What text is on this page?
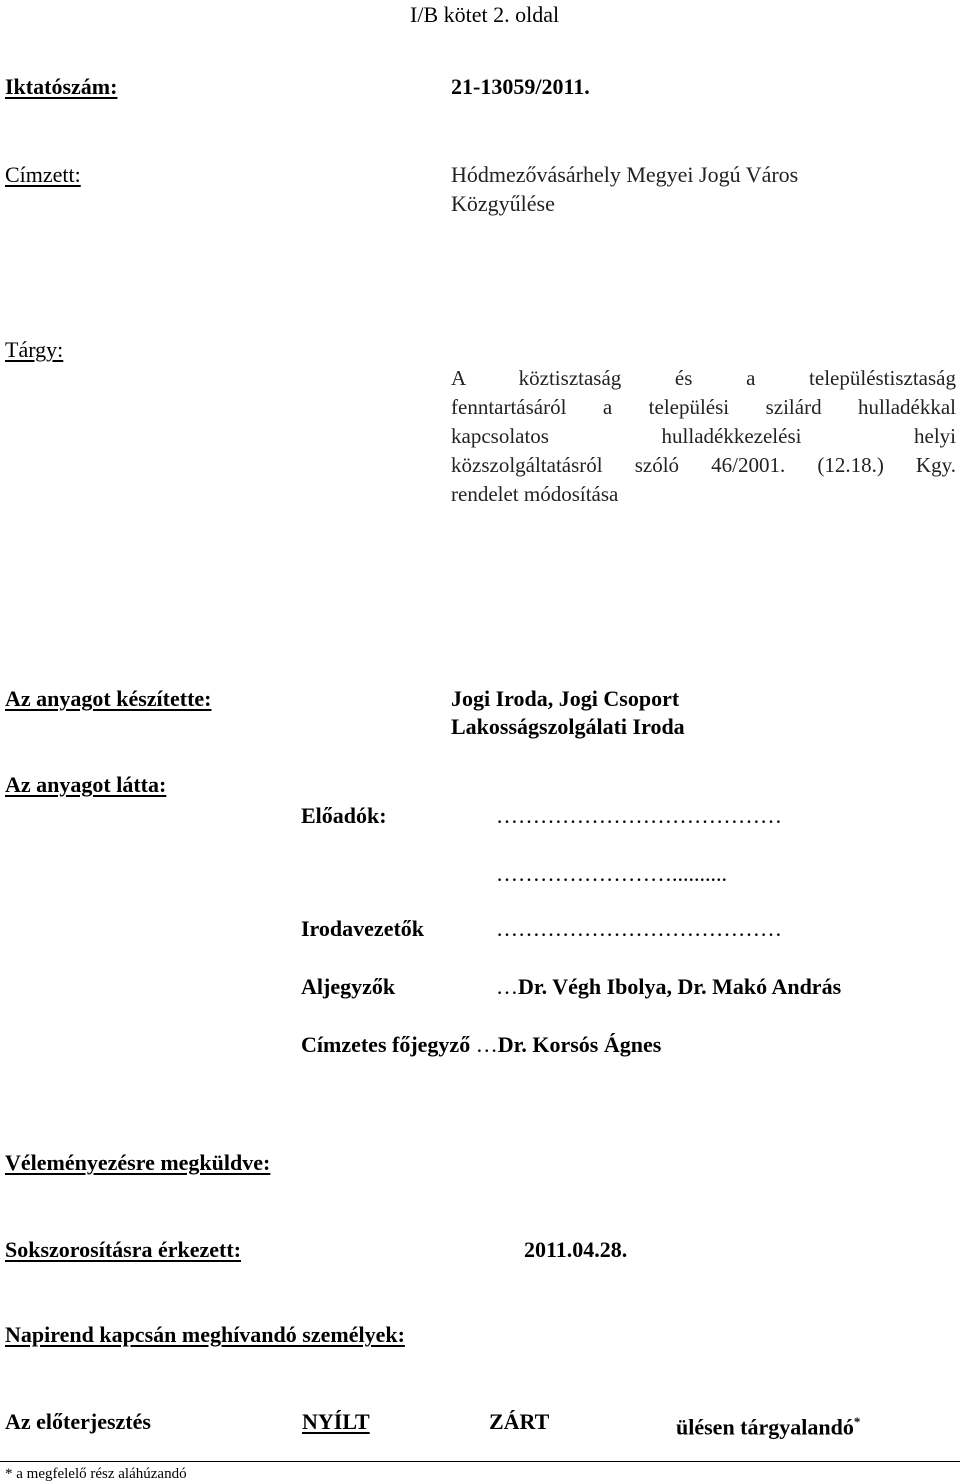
I/B kötet 2. oldal
Iktatószám:	21-13059/2011.
Címzett:	Hódmezővásárhely Megyei Jogú Város
Közgyűlése
Tárgy:
A köztisztaság és a településtisztaság
fenntartásáról a települési szilárd hulladékkal
kapcsolatos hulladékkezelési helyi
közszolgáltatásról szóló 46/2001. (12.18.) Kgy.
rendelet módosítása
Az anyagot készítette:	Jogi Iroda, Jogi Csoport
Lakosságszolgálati Iroda
Az anyagot látta:
Előadók:	…………………………………
……………………..........
Irodavezetők	…………………………………
Aljegyzők	…Dr. Végh Ibolya, Dr. Makó András
Címzetes főjegyző …Dr. Korsós Ágnes
Véleményezésre megküldve:
Sokszorosításra érkezett:	2011.04.28.
Napirend kapcsán meghívandó személyek:
Az előterjesztés	NYÍLT	ZÁRT	ülésen tárgyalandó*
* a megfelelő rész aláhúzandó
